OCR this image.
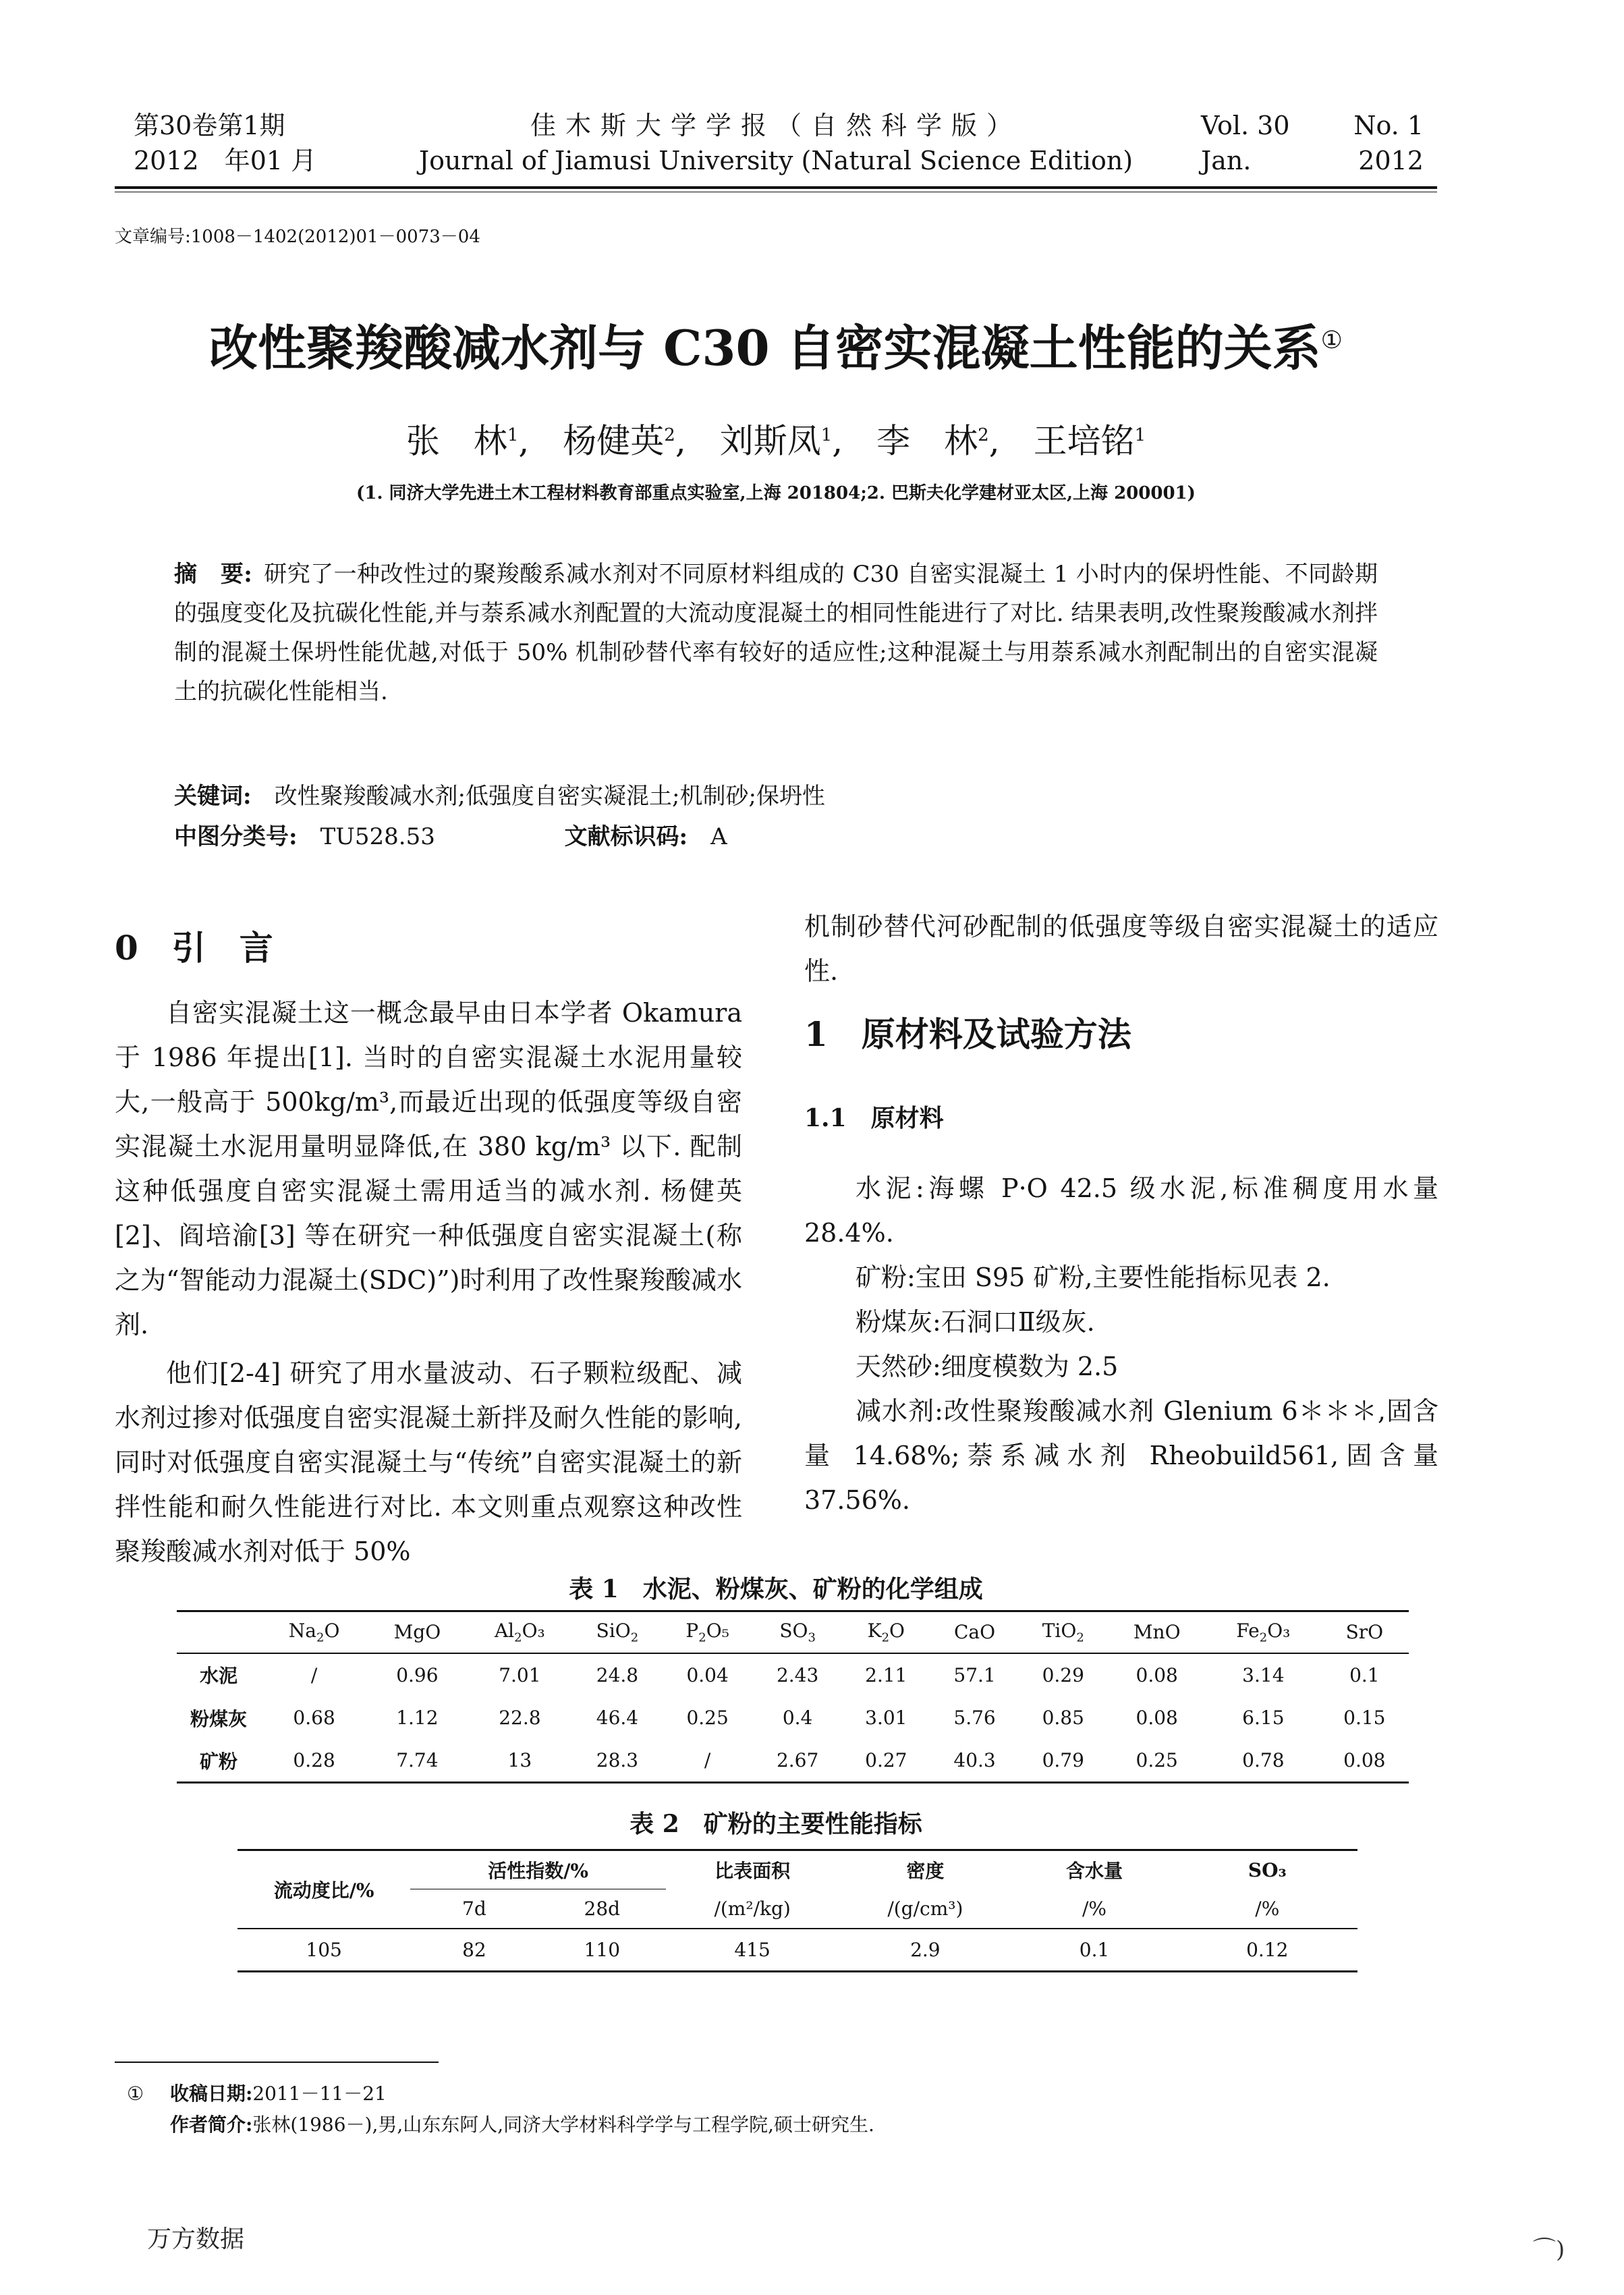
第30卷第1期
2012　年01 月
佳木斯大学学报（自然科学版）
Journal of Jiamusi University (Natural Science Edition)
Vol. 30 No. 1
Jan.	2012
文章编号:1008－1402(2012)01－0073－04
改性聚羧酸减水剂与 C30 自密实混凝土性能的关系①
张　林$^1$, 杨健英$^2$, 刘斯凤$^1$, 李　林$^2$, 王培铭$^1$
(1. 同济大学先进土木工程材料教育部重点实验室,上海 201804;2. 巴斯夫化学建材亚太区,上海 200001)
摘　要:  研究了一种改性过的聚羧酸系减水剂对不同原材料组成的 C30 自密实混凝土 1 小时内的保坍性能、不同龄期的强度变化及抗碳化性能,并与萘系减水剂配置的大流动度混凝土的相同性能进行了对比. 结果表明,改性聚羧酸减水剂拌制的混凝土保坍性能优越,对低于 50% 机制砂替代率有较好的适应性;这种混凝土与用萘系减水剂配制出的自密实混凝土的抗碳化性能相当.
关键词:  改性聚羧酸减水剂;低强度自密实凝混土;机制砂;保坍性
中图分类号:  TU528.53	文献标识码:  A
0　引　言

自密实混凝土这一概念最早由日本学者 Okamura 于 1986 年提出[1]. 当时的自密实混凝土水泥用量较大,一般高于 500kg/m³,而最近出现的低强度等级自密实混凝土水泥用量明显降低,在 380 kg/m³ 以下. 配制这种低强度自密实混凝土需用适当的减水剂. 杨健英[2]、阎培渝[3] 等在研究一种低强度自密实混凝土(称之为“智能动力混凝土(SDC)”)时利用了改性聚羧酸减水剂.

他们[2-4] 研究了用水量波动、石子颗粒级配、减水剂过掺对低强度自密实混凝土新拌及耐久性能的影响,同时对低强度自密实混凝土与“传统”自密实混凝土的新拌性能和耐久性能进行对比. 本文则重点观察这种改性聚羧酸减水剂对低于 50%

机制砂替代河砂配制的低强度等级自密实混凝土的适应性.

1　原材料及试验方法
1.1　原材料

水泥:海螺 P·O 42.5 级水泥,标准稠度用水量 28.4%.

矿粉:宝田 S95 矿粉,主要性能指标见表 2.

粉煤灰:石洞口Ⅱ级灰.

天然砂:细度模数为 2.5

减水剂:改性聚羧酸减水剂 Glenium 6＊＊＊,固含量 14.68%;萘系减水剂 Rheobuild561,固含量 37.56%.

表 1　水泥、粉煤灰、矿粉的化学组成
	$Na_2O$	MgO	$Al_2O_3$	SiO$_2$	$P_2O_5$	$SO_3$	$K_2O$	CaO	TiO$_2$	MnO	$Fe_2O_3$	SrO
水泥	/	0.96	7.01	24.8	0.04	2.43	2.11	57.1	0.29	0.08	3.14	0.1
粉煤灰	0.68	1.12	22.8	46.4	0.25	0.4	3.01	5.76	0.85	0.08	6.15	0.15
矿粉	0.28	7.74	13	28.3	/	2.67	0.27	40.3	0.79	0.25	0.78	0.08
表 2　矿粉的主要性能指标
流动度比/%	活性指数/%		比表面积	密度	含水量	SO₃
	7d	28d	/(m²/kg)	/(g/cm³)	/%	/%
105	82	110	415	2.9	0.1	0.12
① 收稿日期:2011－11－21
作者简介:张林(1986－),男,山东东阿人,同济大学材料科学学与工程学院,硕士研究生.
万方数据	⌒)
